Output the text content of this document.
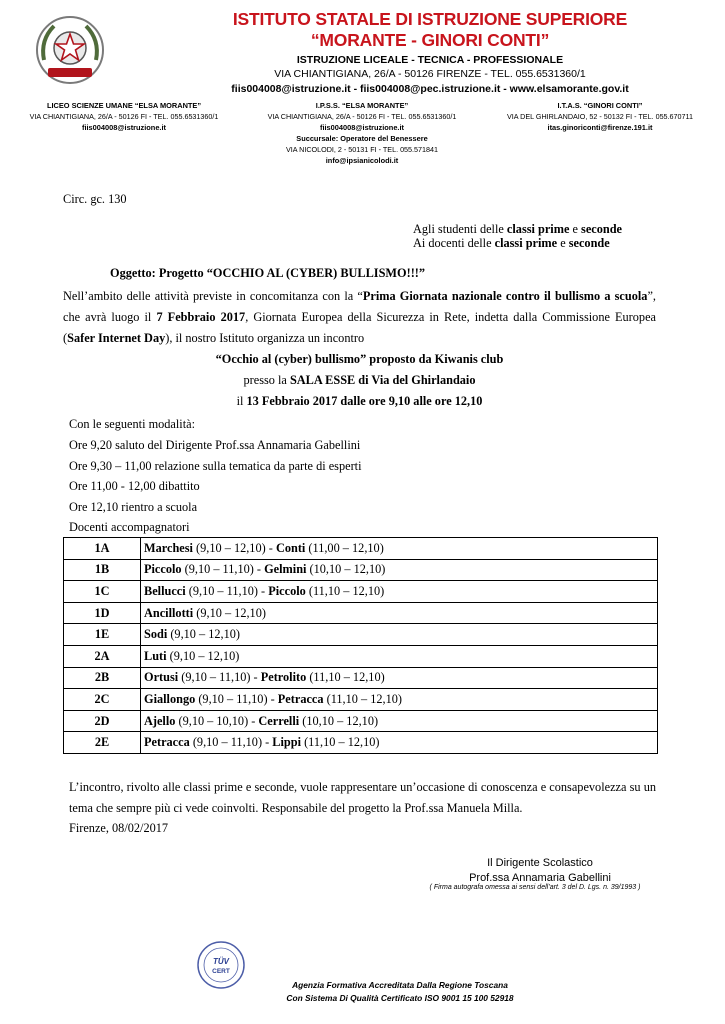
ISTITUTO STATALE DI ISTRUZIONE SUPERIORE
“MORANTE - GINORI CONTI”
ISTRUZIONE LICEALE - TECNICA - PROFESSIONALE
VIA CHIANTIGIANA, 26/A - 50126 FIRENZE - TEL. 055.6531360/1
fiis004008@istruzione.it - fiis004008@pec.istruzione.it - www.elsamorante.gov.it
LICEO SCIENZE UMANE “ELSA MORANTE”
VIA CHIANTIGIANA, 26/A - 50126 FI - TEL. 055.6531360/1
fiis004008@istruzione.it
I.P.S.S. “ELSA MORANTE”
VIA CHIANTIGIANA, 26/A - 50126 FI - TEL. 055.6531360/1
fiis004008@istruzione.it
Succursale: Operatore del Benessere
VIA NICOLODI, 2 - 50131 FI - TEL. 055.571841
info@ipsianicolodi.it
I.T.A.S. “GINORI CONTI”
VIA DEL GHIRLANDAIO, 52 - 50132 FI - TEL. 055.670711
itas.ginoriconti@firenze.191.it
Circ. gc. 130
Agli studenti delle classi prime e seconde
Ai docenti delle classi prime e seconde
Oggetto: Progetto “OCCHIO AL (CYBER) BULLISMO!!!”
Nell’ambito delle attività previste in concomitanza con la “Prima Giornata nazionale contro il bullismo a scuola”,
che avrà luogo il 7 Febbraio 2017, Giornata Europea della Sicurezza in Rete, indetta dalla Commissione Europea
(Safer Internet Day), il nostro Istituto organizza un incontro
“Occhio al (cyber) bullismo” proposto da Kiwanis club
presso la SALA ESSE di Via del Ghirlandaio
il 13 Febbraio 2017 dalle ore 9,10 alle ore 12,10
Con le seguenti modalità:
Ore 9,20 saluto del Dirigente Prof.ssa Annamaria Gabellini
Ore 9,30 – 11,00 relazione sulla tematica da parte di esperti
Ore 11,00 - 12,00 dibattito
Ore 12,10 rientro a scuola
Docenti accompagnatori
1A	Marchesi (9,10 – 12,10) - Conti (11,00 – 12,10)
1B	Piccolo (9,10 – 11,10) - Gelmini (10,10 – 12,10)
1C	Bellucci (9,10 – 11,10) - Piccolo (11,10 – 12,10)
1D	Ancillotti (9,10 – 12,10)
1E	Sodi (9,10 – 12,10)
2A	Luti (9,10 – 12,10)
2B	Ortusi (9,10 – 11,10) - Petrolito (11,10 – 12,10)
2C	Giallongo (9,10 – 11,10) - Petracca (11,10 – 12,10)
2D	Ajello (9,10 – 10,10) - Cerrelli (10,10 – 12,10)
2E	Petracca (9,10 – 11,10) - Lippi (11,10 – 12,10)
L’incontro, rivolto alle classi prime e seconde, vuole rappresentare un’occasione di conoscenza e consapevolezza su un
tema che sempre più ci vede coinvolti. Responsabile del progetto la Prof.ssa Manuela Milla.
Firenze, 08/02/2017
Il Dirigente Scolastico
Prof.ssa Annamaria Gabellini
( Firma autografa omessa ai sensi dell’art. 3 del D. Lgs. n. 39/1993 )
TÜV
CERT
Agenzia Formativa Accreditata Dalla Regione Toscana
Con Sistema Di Qualità Certificato ISO 9001 15 100 52918
